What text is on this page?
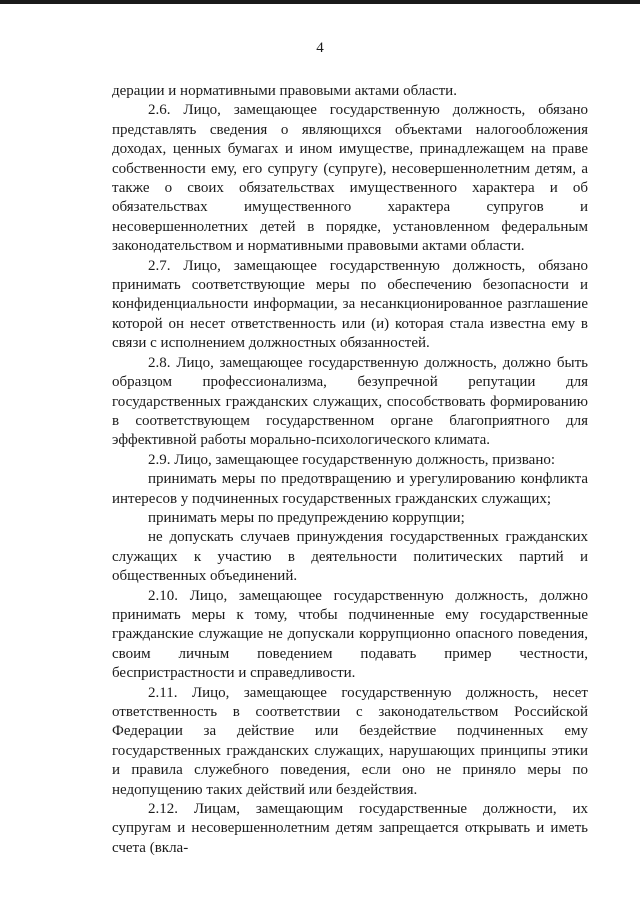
4

дерации и нормативными правовыми актами области.

2.6. Лицо, замещающее государственную должность, обязано представлять сведения о являющихся объектами налогообложения доходах, ценных бумагах и ином имуществе, принадлежащем на праве собственности ему, его супругу (супруге), несовершеннолетним детям, а также о своих обязательствах имущественного характера и об обязательствах имущественного характера супругов и несовершеннолетних детей в порядке, установленном федеральным законодательством и нормативными правовыми актами области.

2.7. Лицо, замещающее государственную должность, обязано принимать соответствующие меры по обеспечению безопасности и конфиденциальности информации, за несанкционированное разглашение которой он несет ответственность или (и) которая стала известна ему в связи с исполнением должностных обязанностей.

2.8. Лицо, замещающее государственную должность, должно быть образцом профессионализма, безупречной репутации для государственных гражданских служащих, способствовать формированию в соответствующем государственном органе благоприятного для эффективной работы морально-психологического климата.

2.9. Лицо, замещающее государственную должность, призвано:

принимать меры по предотвращению и урегулированию конфликта интересов у подчиненных государственных гражданских служащих;

принимать меры по предупреждению коррупции;

не допускать случаев принуждения государственных гражданских служащих к участию в деятельности политических партий и общественных объединений.

2.10. Лицо, замещающее государственную должность, должно принимать меры к тому, чтобы подчиненные ему государственные гражданские служащие не допускали коррупционно опасного поведения, своим личным поведением подавать пример честности, беспристрастности и справедливости.

2.11. Лицо, замещающее государственную должность, несет ответственность в соответствии с законодательством Российской Федерации за действие или бездействие подчиненных ему государственных гражданских служащих, нарушающих принципы этики и правила служебного поведения, если оно не приняло меры по недопущению таких действий или бездействия.

2.12. Лицам, замещающим государственные должности, их супругам и несовершеннолетним детям запрещается открывать и иметь счета (вкла-
